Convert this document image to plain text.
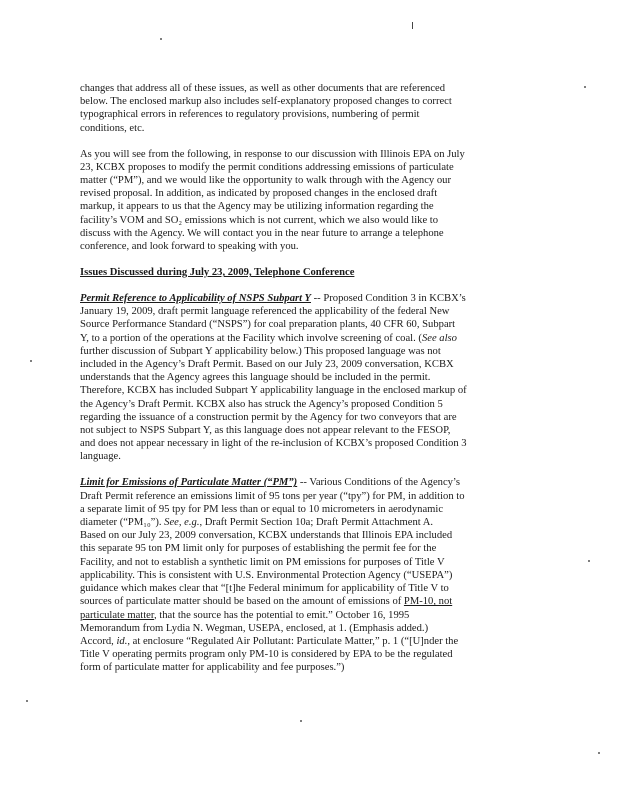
changes that address all of these issues, as well as other documents that are referenced
below. The enclosed markup also includes self-explanatory proposed changes to correct
typographical errors in references to regulatory provisions, numbering of permit
conditions, etc.
As you will see from the following, in response to our discussion with Illinois EPA on July
23, KCBX proposes to modify the permit conditions addressing emissions of particulate
matter (“PM”), and we would like the opportunity to walk through with the Agency our
revised proposal. In addition, as indicated by proposed changes in the enclosed draft
markup, it appears to us that the Agency may be utilizing information regarding the
facility’s VOM and SO₂ emissions which is not current, which we also would like to
discuss with the Agency. We will contact you in the near future to arrange a telephone
conference, and look forward to speaking with you.
Issues Discussed during July 23, 2009, Telephone Conference
Permit Reference to Applicability of NSPS Subpart Y -- Proposed Condition 3 in KCBX’s
January 19, 2009, draft permit language referenced the applicability of the federal New
Source Performance Standard (“NSPS”) for coal preparation plants, 40 CFR 60, Subpart
Y, to a portion of the operations at the Facility which involve screening of coal. (See also
further discussion of Subpart Y applicability below.) This proposed language was not
included in the Agency’s Draft Permit. Based on our July 23, 2009 conversation, KCBX
understands that the Agency agrees this language should be included in the permit.
Therefore, KCBX has included Subpart Y applicability language in the enclosed markup of
the Agency’s Draft Permit. KCBX also has struck the Agency’s proposed Condition 5
regarding the issuance of a construction permit by the Agency for two conveyors that are
not subject to NSPS Subpart Y, as this language does not appear relevant to the FESOP,
and does not appear necessary in light of the re-inclusion of KCBX’s proposed Condition 3
language.
Limit for Emissions of Particulate Matter (“PM”) -- Various Conditions of the Agency’s
Draft Permit reference an emissions limit of 95 tons per year (“tpy”) for PM, in addition to
a separate limit of 95 tpy for PM less than or equal to 10 micrometers in aerodynamic
diameter (“PM₁₀”). See, e.g., Draft Permit Section 10a; Draft Permit Attachment A.
Based on our July 23, 2009 conversation, KCBX understands that Illinois EPA included
this separate 95 ton PM limit only for purposes of establishing the permit fee for the
Facility, and not to establish a synthetic limit on PM emissions for purposes of Title V
applicability. This is consistent with U.S. Environmental Protection Agency (“USEPA”)
guidance which makes clear that “[t]he Federal minimum for applicability of Title V to
sources of particulate matter should be based on the amount of emissions of PM-10, not
particulate matter, that the source has the potential to emit.” October 16, 1995
Memorandum from Lydia N. Wegman, USEPA, enclosed, at 1. (Emphasis added.)
Accord, id., at enclosure “Regulated Air Pollutant: Particulate Matter,” p. 1 (“[U]nder the
Title V operating permits program only PM-10 is considered by EPA to be the regulated
form of particulate matter for applicability and fee purposes.”)
